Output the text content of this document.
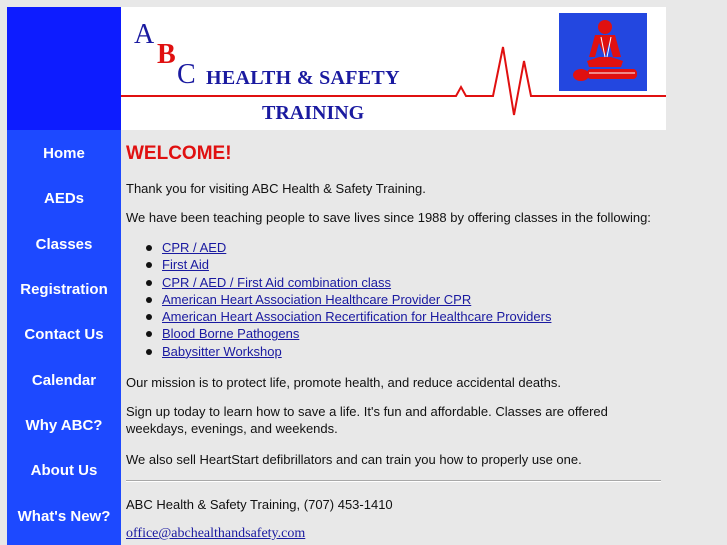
Home
AEDs
Classes
Registration
Contact Us
Calendar
Why ABC?
About Us
What's New?
A
B
C HEALTH & SAFETY
TRAINING
WELCOME!

Thank you for visiting ABC Health & Safety Training.

We have been teaching people to save lives since 1988 by offering classes in the following:

CPR / AED
First Aid
CPR / AED / First Aid combination class
American Heart Association Healthcare Provider CPR
American Heart Association Recertification for Healthcare Providers
Blood Borne Pathogens
Babysitter Workshop

Our mission is to protect life, promote health, and reduce accidental deaths.

Sign up today to learn how to save a life. It's fun and affordable. Classes are offered weekdays, evenings, and weekends.

We also sell HeartStart defibrillators and can train you how to properly use one.

ABC Health & Safety Training, (707) 453-1410

office@abchealthandsafety.com
